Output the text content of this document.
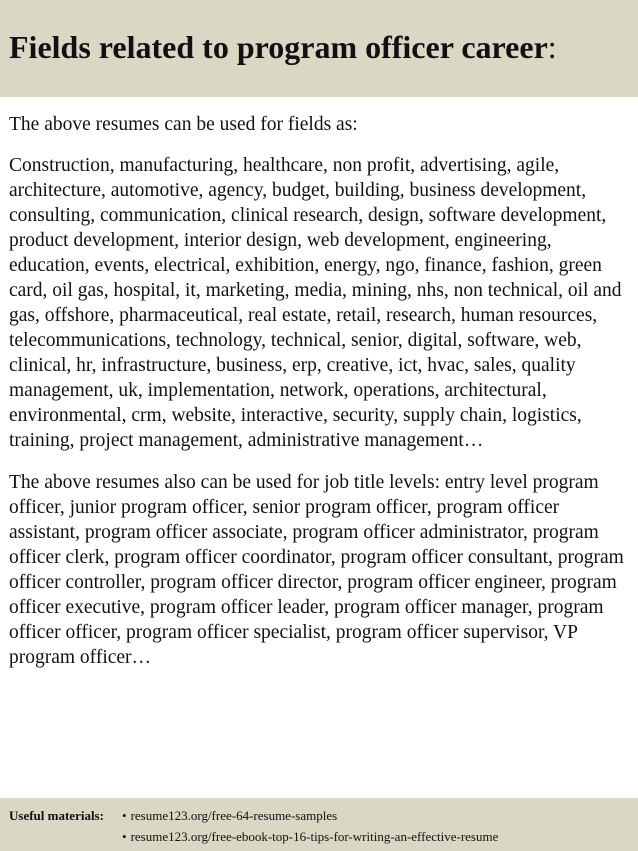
Fields related to program officer career:

The above resumes can be used for fields as:

Construction, manufacturing, healthcare, non profit, advertising, agile, architecture, automotive, agency, budget, building, business development, consulting, communication, clinical research, design, software development, product development, interior design, web development, engineering, education, events, electrical, exhibition, energy, ngo, finance, fashion, green card, oil gas, hospital, it, marketing, media, mining, nhs, non technical, oil and gas, offshore, pharmaceutical, real estate, retail, research, human resources, telecommunications, technology, technical, senior, digital, software, web, clinical, hr, infrastructure, business, erp, creative, ict, hvac, sales, quality management, uk, implementation, network, operations, architectural, environmental, crm, website, interactive, security, supply chain, logistics, training, project management, administrative management…

The above resumes also can be used for job title levels: entry level program officer, junior program officer, senior program officer, program officer assistant, program officer associate, program officer administrator, program officer clerk, program officer coordinator, program officer consultant, program officer controller, program officer director, program officer engineer, program officer executive, program officer leader, program officer manager, program officer officer, program officer specialist, program officer supervisor, VP program officer…

Useful materials: • resume123.org/free-64-resume-samples
• resume123.org/free-ebook-top-16-tips-for-writing-an-effective-resume
